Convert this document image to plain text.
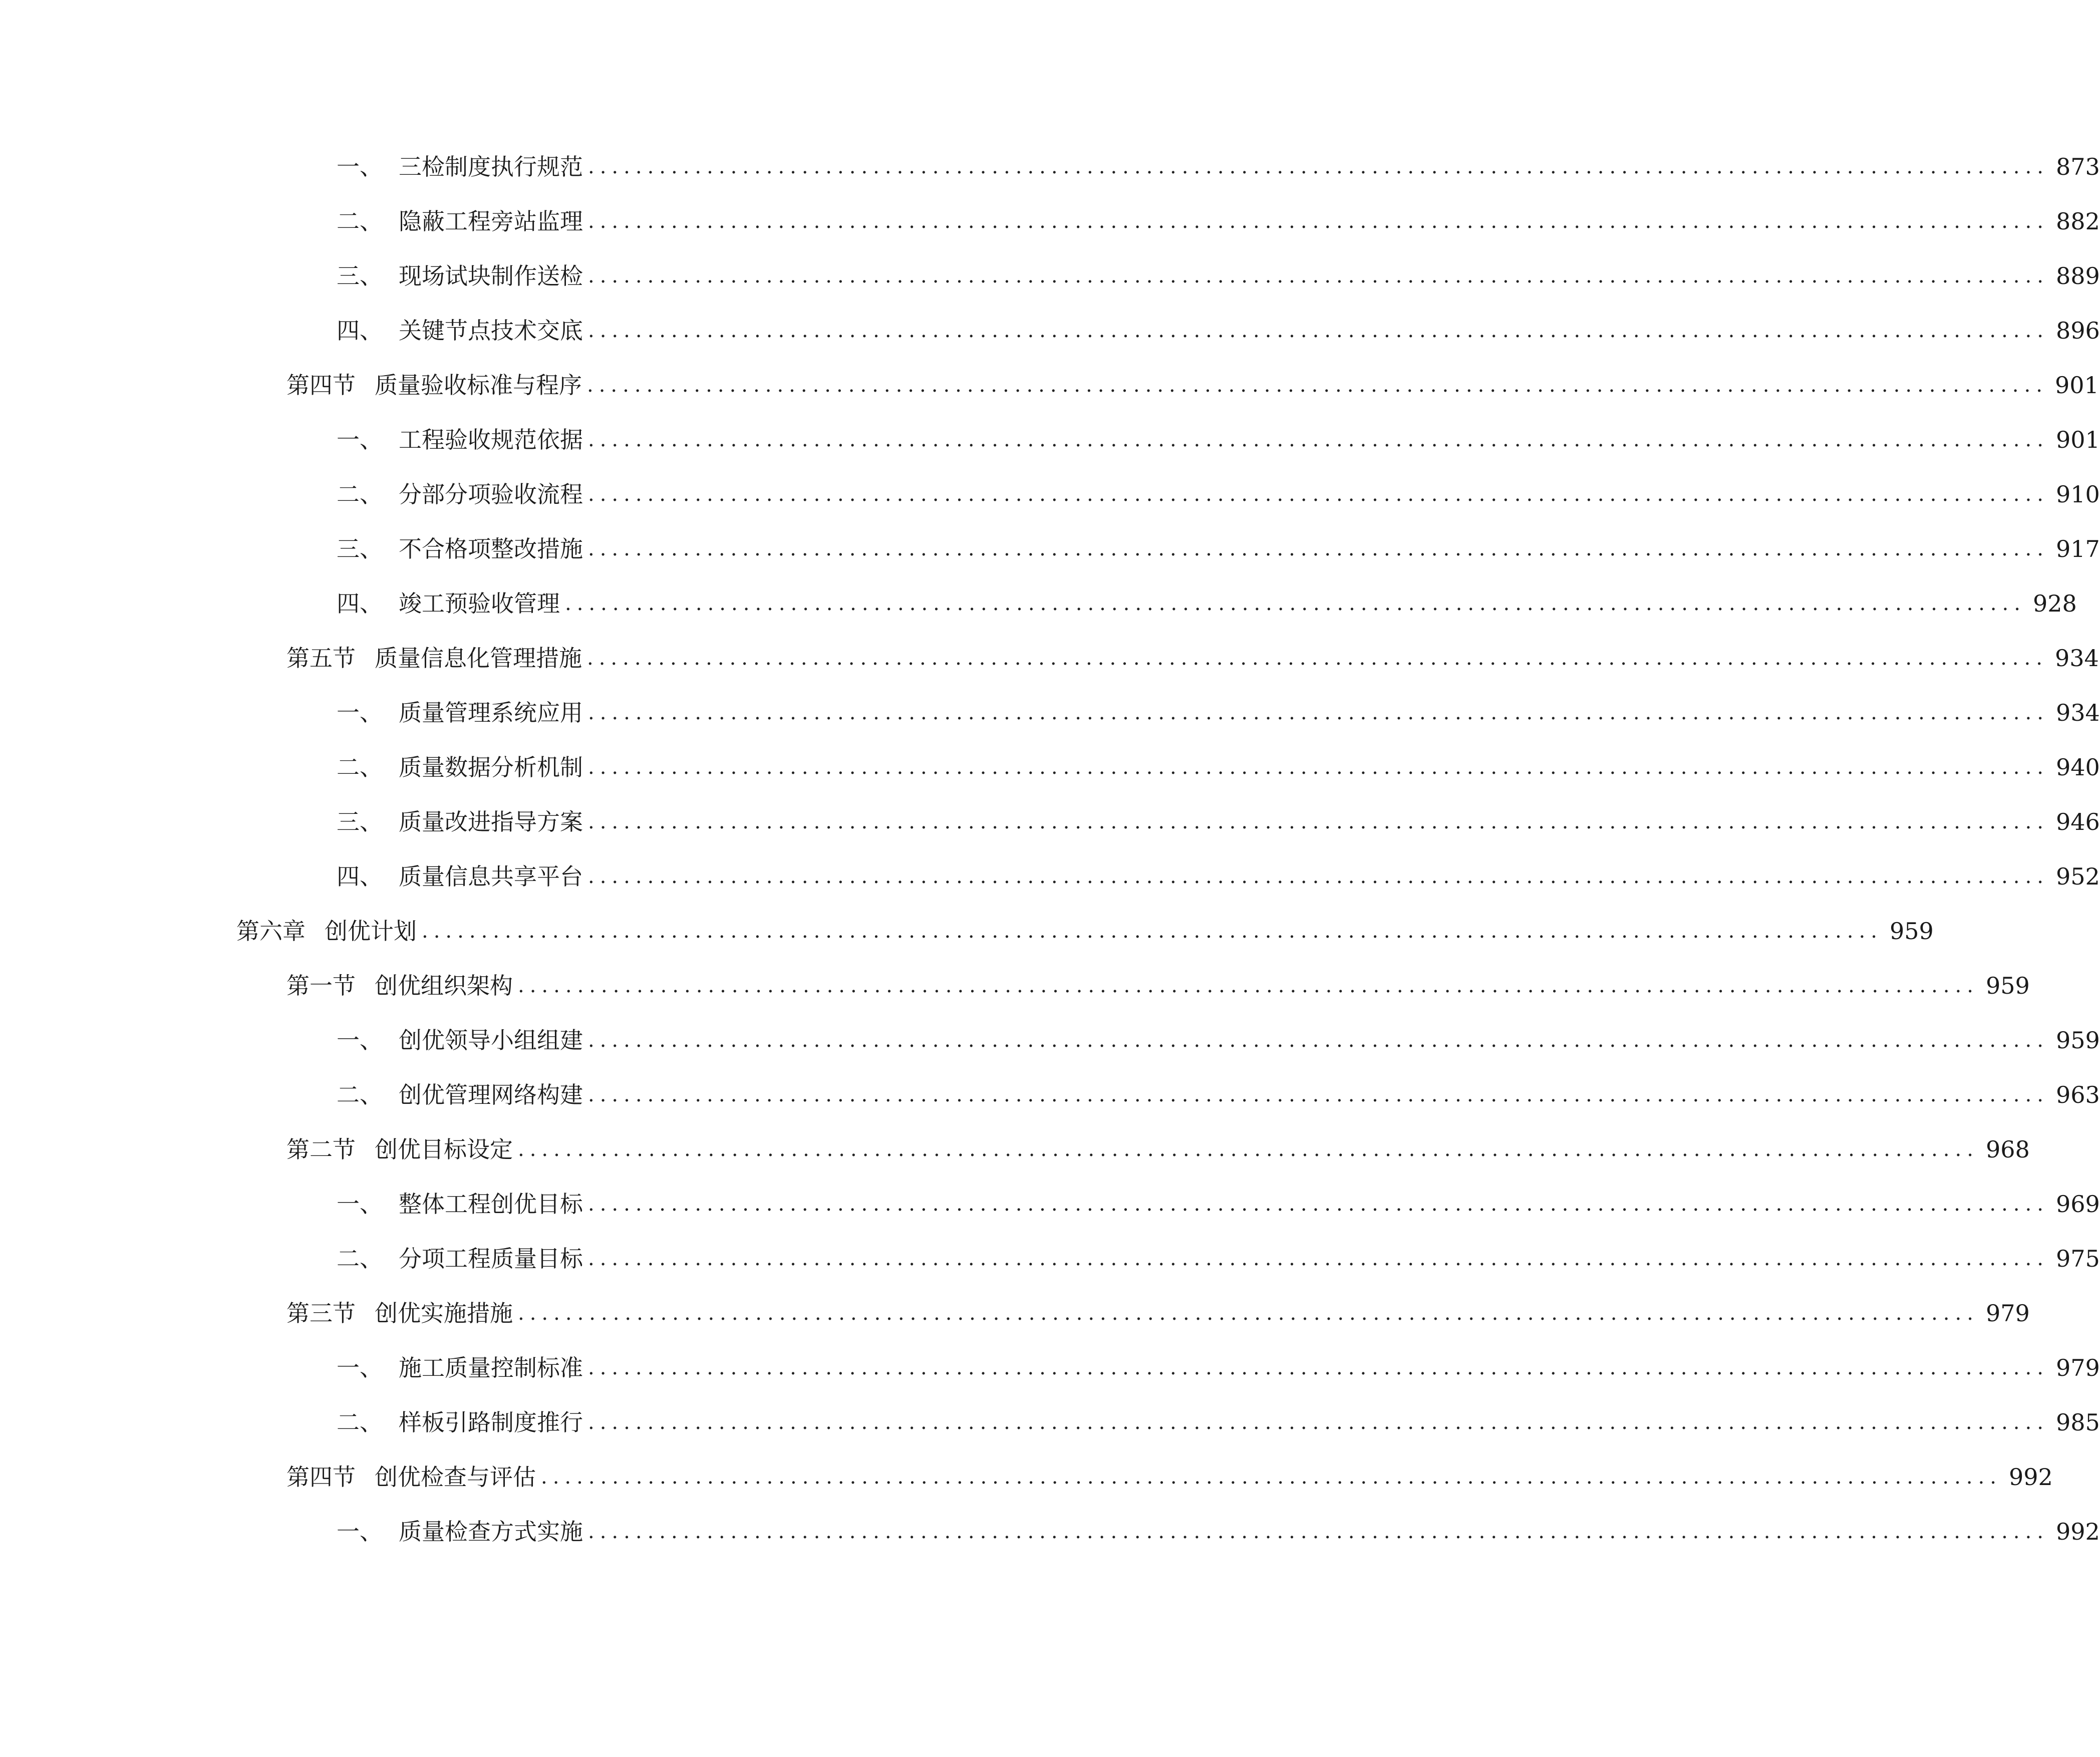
一、 三检制度执行规范 ........................................................................................................................... 873
二、 隐蔽工程旁站监理 ........................................................................................................................... 882
三、 现场试块制作送检 ........................................................................................................................... 889
四、 关键节点技术交底 ........................................................................................................................... 896
第四节 质量验收标准与程序 ........................................................................................................................... 901
一、 工程验收规范依据 ........................................................................................................................... 901
二、 分部分项验收流程 ........................................................................................................................... 910
三、 不合格项整改措施 ........................................................................................................................... 917
四、 竣工预验收管理 ........................................................................................................................... 928
第五节 质量信息化管理措施 ........................................................................................................................... 934
一、 质量管理系统应用 ........................................................................................................................... 934
二、 质量数据分析机制 ........................................................................................................................... 940
三、 质量改进指导方案 ........................................................................................................................... 946
四、 质量信息共享平台 ........................................................................................................................... 952
第六章 创优计划 ........................................................................................................................... 959
第一节 创优组织架构 ........................................................................................................................... 959
一、 创优领导小组组建 ........................................................................................................................... 959
二、 创优管理网络构建 ........................................................................................................................... 963
第二节 创优目标设定 ........................................................................................................................... 968
一、 整体工程创优目标 ........................................................................................................................... 969
二、 分项工程质量目标 ........................................................................................................................... 975
第三节 创优实施措施 ........................................................................................................................... 979
一、 施工质量控制标准 ........................................................................................................................... 979
二、 样板引路制度推行 ........................................................................................................................... 985
第四节 创优检查与评估 ........................................................................................................................... 992
一、 质量检查方式实施 ........................................................................................................................... 992
